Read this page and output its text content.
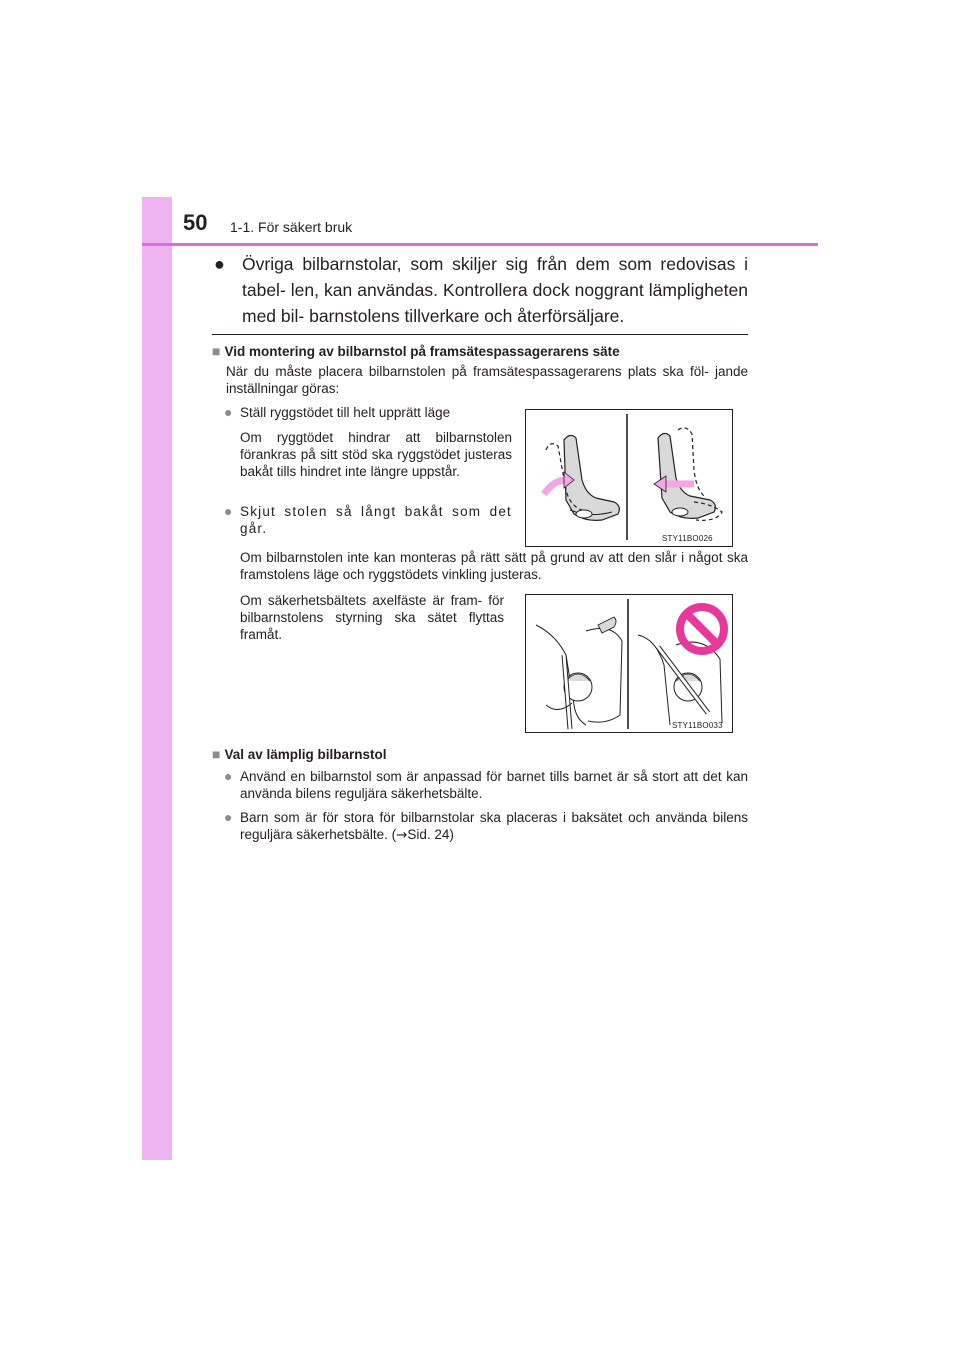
50 1-1. För säkert bruk
● Övriga bilbarnstolar, som skiljer sig från dem som redovisas i tabel- len, kan användas. Kontrollera dock noggrant lämpligheten med bil- barnstolens tillverkare och återförsäljare.
■ Vid montering av bilbarnstol på framsätespassagerarens säte
När du måste placera bilbarnstolen på framsätespassagerarens plats ska föl- jande inställningar göras:
● Ställ ryggstödet till helt upprätt läge
Om ryggtödet hindrar att bilbarnstolen förankras på sitt stöd ska ryggstödet justeras bakåt tills hindret inte längre uppstår.
● Skjut stolen så långt bakåt som det går.
Om bilbarnstolen inte kan monteras på rätt sätt på grund av att den slår i något ska framstolens läge och ryggstödets vinkling justeras.
Om säkerhetsbältets axelfäste är fram- för bilbarnstolens styrning ska sätet flyttas framåt.
STY11BO026
STY11BO033
■ Val av lämplig bilbarnstol
● Använd en bilbarnstol som är anpassad för barnet tills barnet är så stort att det kan använda bilens reguljära säkerhetsbälte.
● Barn som är för stora för bilbarnstolar ska placeras i baksätet och använda bilens reguljära säkerhetsbälte. (→Sid. 24)
